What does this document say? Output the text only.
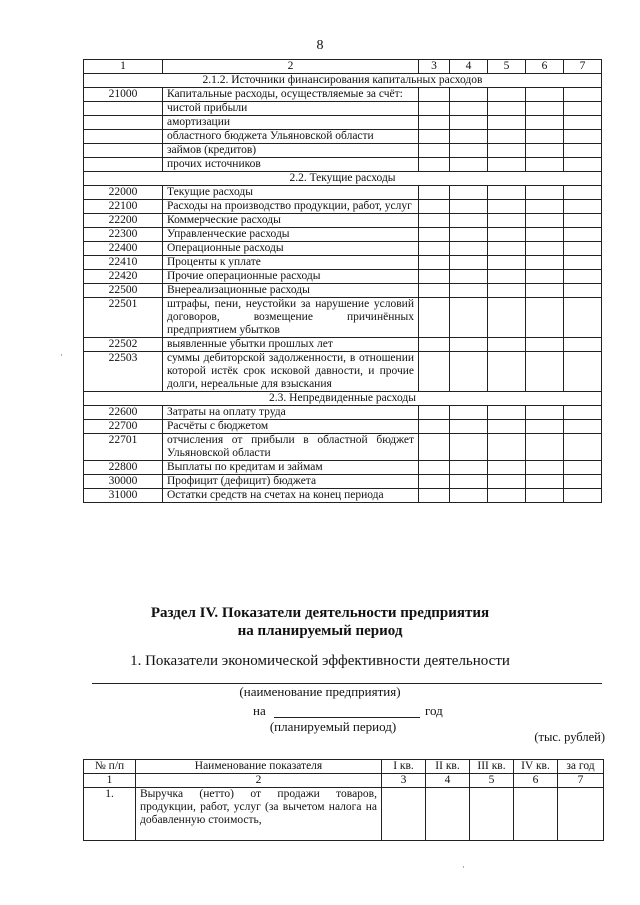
8
1	2	3	4	5	6	7
2.1.2. Источники финансирования капитальных расходов						
21000	Капитальные расходы, осуществляемые за счёт:					
	чистой прибыли					
	амортизации					
	областного бюджета Ульяновской области					
	займов (кредитов)					
	прочих источников					
2.2. Текущие расходы						
22000	Текущие расходы					
22100	Расходы на производство продукции, работ, услуг					
22200	Коммерческие расходы					
22300	Управленческие расходы					
22400	Операционные расходы					
22410	Проценты к уплате					
22420	Прочие операционные расходы					
22500	Внереализационные расходы					
22501	штрафы, пени, неустойки за нарушение условий договоров, возмещение причинённых предприятием убытков					
22502	выявленные убытки прошлых лет					
22503	суммы дебиторской задолженности, в отношении которой истёк срок исковой давности, и прочие долги, нереальные для взыскания					
2.3. Непредвиденные расходы						
22600	Затраты на оплату труда					
22700	Расчёты с бюджетом					
22701	отчисления от прибыли в областной бюджет Ульяновской области					
22800	Выплаты по кредитам и займам					
30000	Профицит (дефицит) бюджета					
31000	Остатки средств на счетах на конец периода					
Раздел IV. Показатели деятельности предприятия
на планируемый период
1. Показатели экономической эффективности деятельности
(наименование предприятия)
на	год
(планируемый период)
(тыс. рублей)
№ п/п	Наименование показателя	I кв.	II кв.	III кв.	IV кв.	за год
1	2	3	4	5	6	7
1.	Выручка (нетто) от продажи товаров, продукции, работ, услуг (за вычетом налога на добавленную стоимость,					
·
·
